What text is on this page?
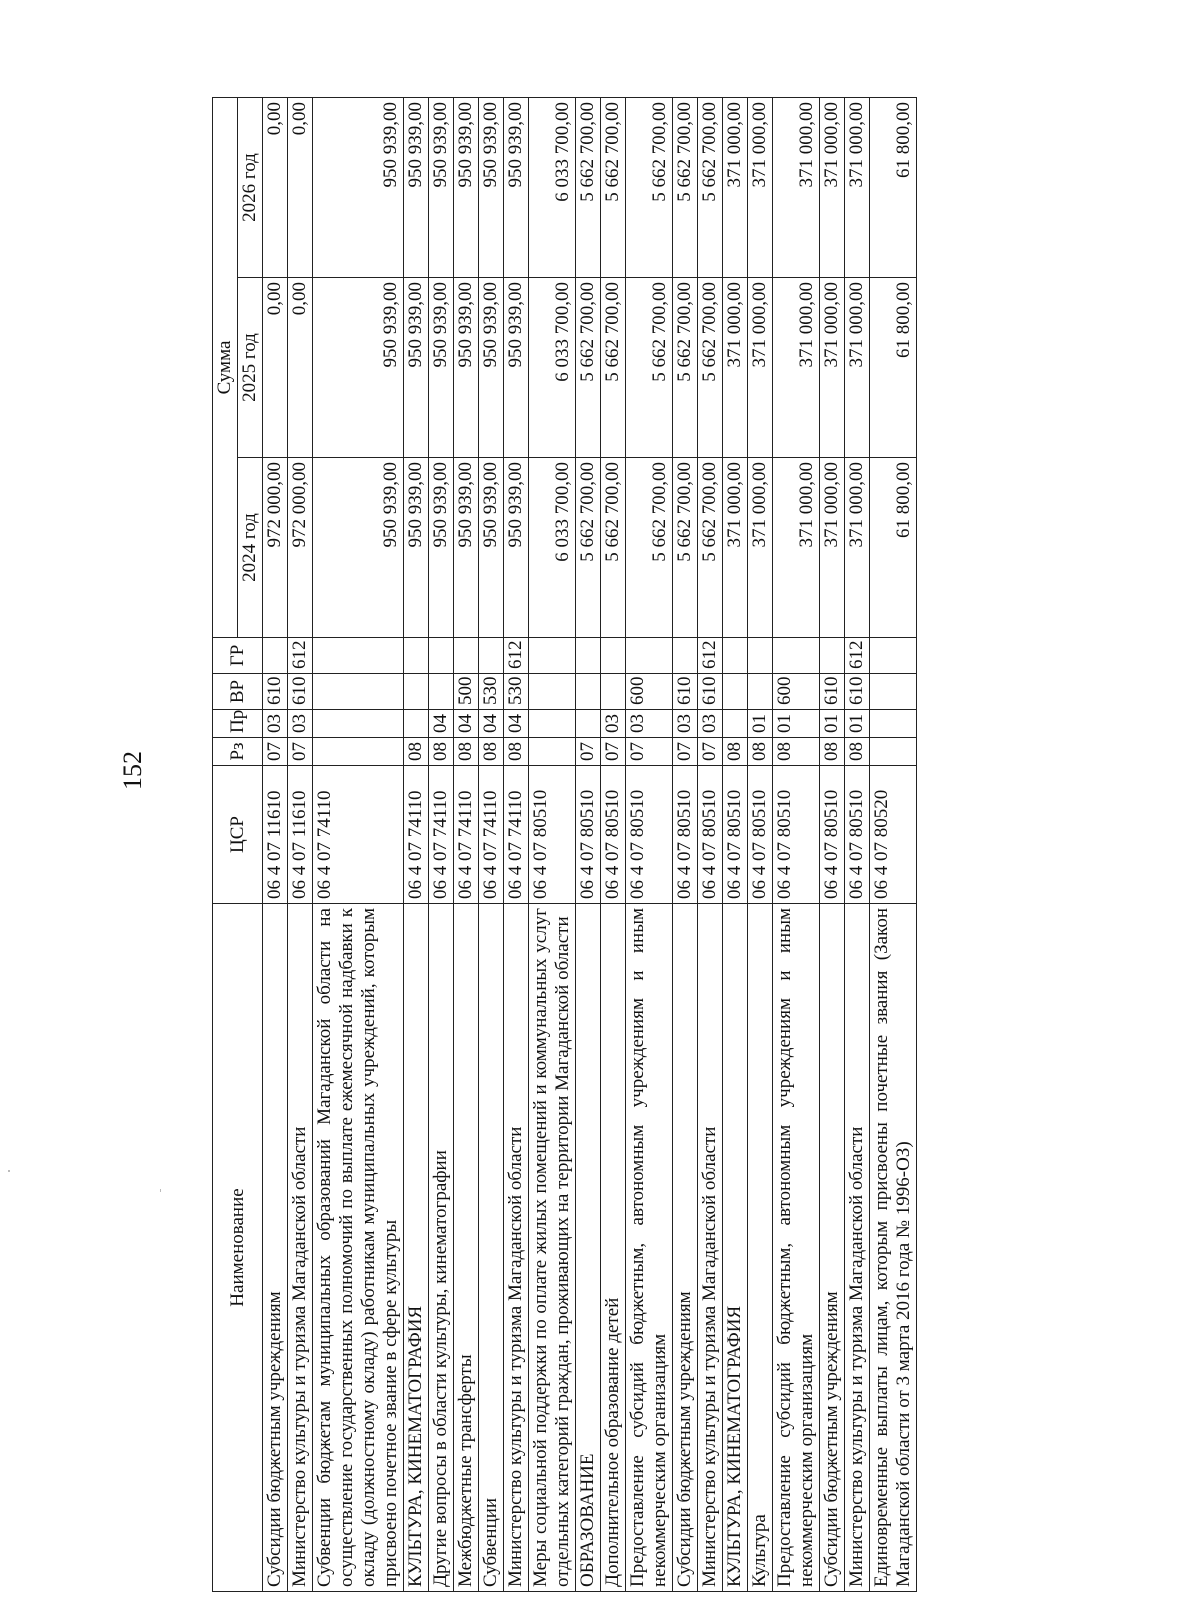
152
Наименование	ЦСР	Рз	Пр	ВР	ГР	Сумма		
						2024 год	2025 год	2026 год
Субсидии бюджетным учреждениям	06 4 07 11610	07	03	610		972 000,00	0,00	0,00
Министерство культуры и туризма Магаданской области	06 4 07 11610	07	03	610	612	972 000,00	0,00	0,00
Субвенции бюджетам муниципальных образований Магаданской области на осуществление государственных полномочий по выплате ежемесячной надбавки к окладу (должностному окладу) работникам муниципальных учреждений, которым присвоено почетное звание в сфере культуры	06 4 07 74110					950 939,00	950 939,00	950 939,00
КУЛЬТУРА, КИНЕМАТОГРАФИЯ	06 4 07 74110	08				950 939,00	950 939,00	950 939,00
Другие вопросы в области культуры, кинематографии	06 4 07 74110	08	04			950 939,00	950 939,00	950 939,00
Межбюджетные трансферты	06 4 07 74110	08	04	500		950 939,00	950 939,00	950 939,00
Субвенции	06 4 07 74110	08	04	530		950 939,00	950 939,00	950 939,00
Министерство культуры и туризма Магаданской области	06 4 07 74110	08	04	530	612	950 939,00	950 939,00	950 939,00
Меры социальной поддержки по оплате жилых помещений и коммунальных услуг отдельных категорий граждан, проживающих на территории Магаданской области	06 4 07 80510					6 033 700,00	6 033 700,00	6 033 700,00
ОБРАЗОВАНИЕ	06 4 07 80510	07				5 662 700,00	5 662 700,00	5 662 700,00
Дополнительное образование детей	06 4 07 80510	07	03			5 662 700,00	5 662 700,00	5 662 700,00
Предоставление субсидий бюджетным, автономным учреждениям и иным некоммерческим организациям	06 4 07 80510	07	03	600		5 662 700,00	5 662 700,00	5 662 700,00
Субсидии бюджетным учреждениям	06 4 07 80510	07	03	610		5 662 700,00	5 662 700,00	5 662 700,00
Министерство культуры и туризма Магаданской области	06 4 07 80510	07	03	610	612	5 662 700,00	5 662 700,00	5 662 700,00
КУЛЬТУРА, КИНЕМАТОГРАФИЯ	06 4 07 80510	08				371 000,00	371 000,00	371 000,00
Культура	06 4 07 80510	08	01			371 000,00	371 000,00	371 000,00
Предоставление субсидий бюджетным, автономным учреждениям и иным некоммерческим организациям	06 4 07 80510	08	01	600		371 000,00	371 000,00	371 000,00
Субсидии бюджетным учреждениям	06 4 07 80510	08	01	610		371 000,00	371 000,00	371 000,00
Министерство культуры и туризма Магаданской области	06 4 07 80510	08	01	610	612	371 000,00	371 000,00	371 000,00
Единовременные выплаты лицам, которым присвоены почетные звания (Закон Магаданской области от 3 марта 2016 года № 1996-ОЗ)	06 4 07 80520					61 800,00	61 800,00	61 800,00
